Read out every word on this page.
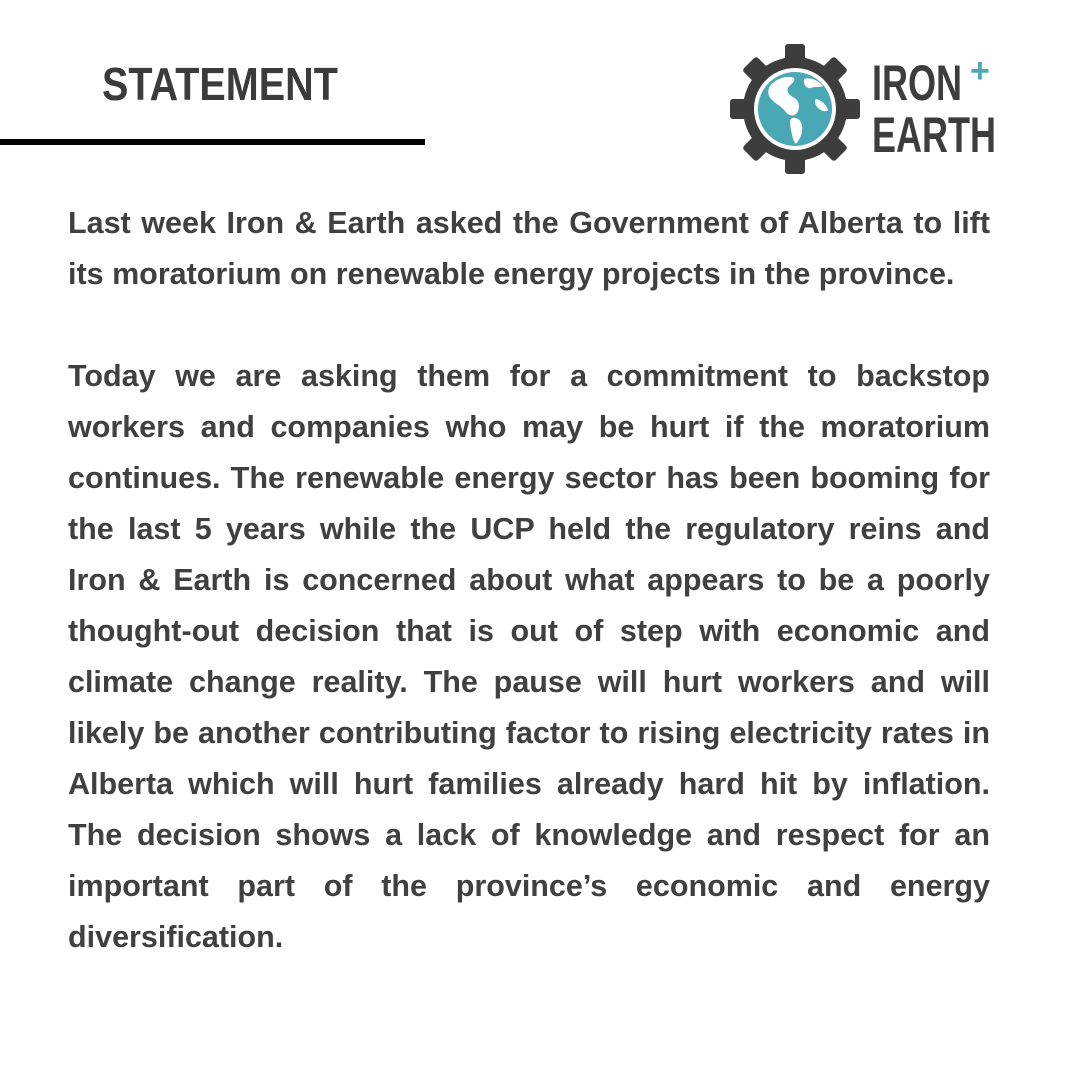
STATEMENT	IRON +
EARTH

Last week Iron & Earth asked the Government of Alberta to lift its moratorium on renewable energy projects in the province.

Today we are asking them for a commitment to backstop workers and companies who may be hurt if the moratorium continues. The renewable energy sector has been booming for the last 5 years while the UCP held the regulatory reins and Iron & Earth is concerned about what appears to be a poorly thought-out decision that is out of step with economic and climate change reality. The pause will hurt workers and will likely be another contributing factor to rising electricity rates in Alberta which will hurt families already hard hit by inflation. The decision shows a lack of knowledge and respect for an important part of the province’s economic and energy diversification.
